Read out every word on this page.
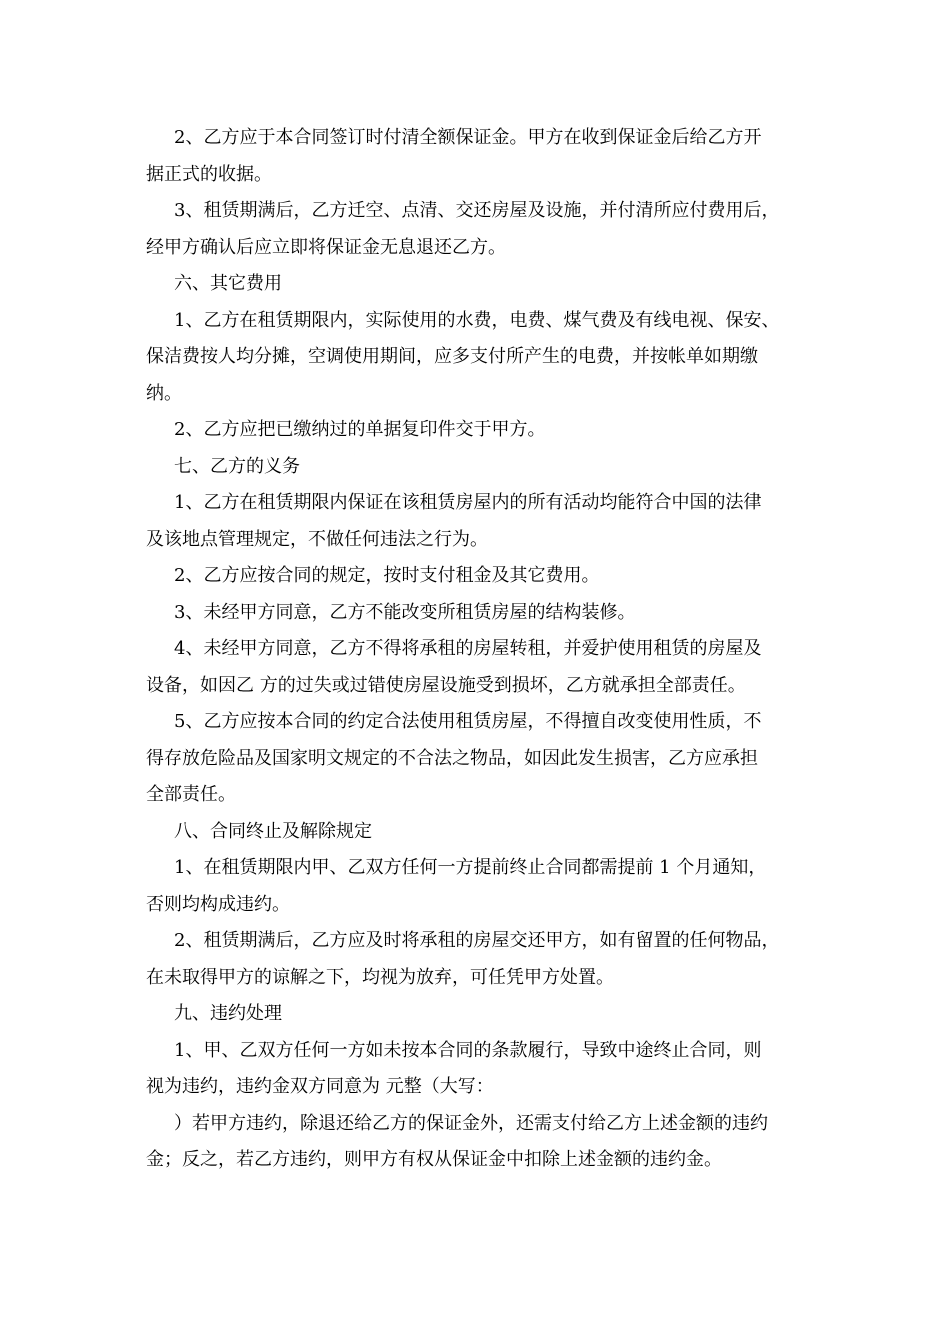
2、乙方应于本合同签订时付清全额保证金。甲方在收到保证金后给乙方开
据正式的收据。

3、租赁期满后，乙方迁空、点清、交还房屋及设施，并付清所应付费用后，
经甲方确认后应立即将保证金无息退还乙方。

六、其它费用

1、乙方在租赁期限内，实际使用的水费，电费、煤气费及有线电视、保安、
保洁费按人均分摊，空调使用期间，应多支付所产生的电费，并按帐单如期缴
纳。

2、乙方应把已缴纳过的单据复印件交于甲方。

七、乙方的义务

1、乙方在租赁期限内保证在该租赁房屋内的所有活动均能符合中国的法律
及该地点管理规定，不做任何违法之行为。

2、乙方应按合同的规定，按时支付租金及其它费用。

3、未经甲方同意，乙方不能改变所租赁房屋的结构装修。

4、未经甲方同意，乙方不得将承租的房屋转租，并爱护使用租赁的房屋及
设备，如因乙 方的过失或过错使房屋设施受到损坏，乙方就承担全部责任。

5、乙方应按本合同的约定合法使用租赁房屋，不得擅自改变使用性质，不
得存放危险品及国家明文规定的不合法之物品，如因此发生损害，乙方应承担
全部责任。

八、合同终止及解除规定

1、在租赁期限内甲、乙双方任何一方提前终止合同都需提前 1 个月通知，
否则均构成违约。

2、租赁期满后，乙方应及时将承租的房屋交还甲方，如有留置的任何物品，
在未取得甲方的谅解之下，均视为放弃，可任凭甲方处置。

九、违约处理

1、甲、乙双方任何一方如未按本合同的条款履行，导致中途终止合同，则
视为违约，违约金双方同意为 元整（大写：

）若甲方违约，除退还给乙方的保证金外，还需支付给乙方上述金额的违约
金；反之，若乙方违约，则甲方有权从保证金中扣除上述金额的违约金。
